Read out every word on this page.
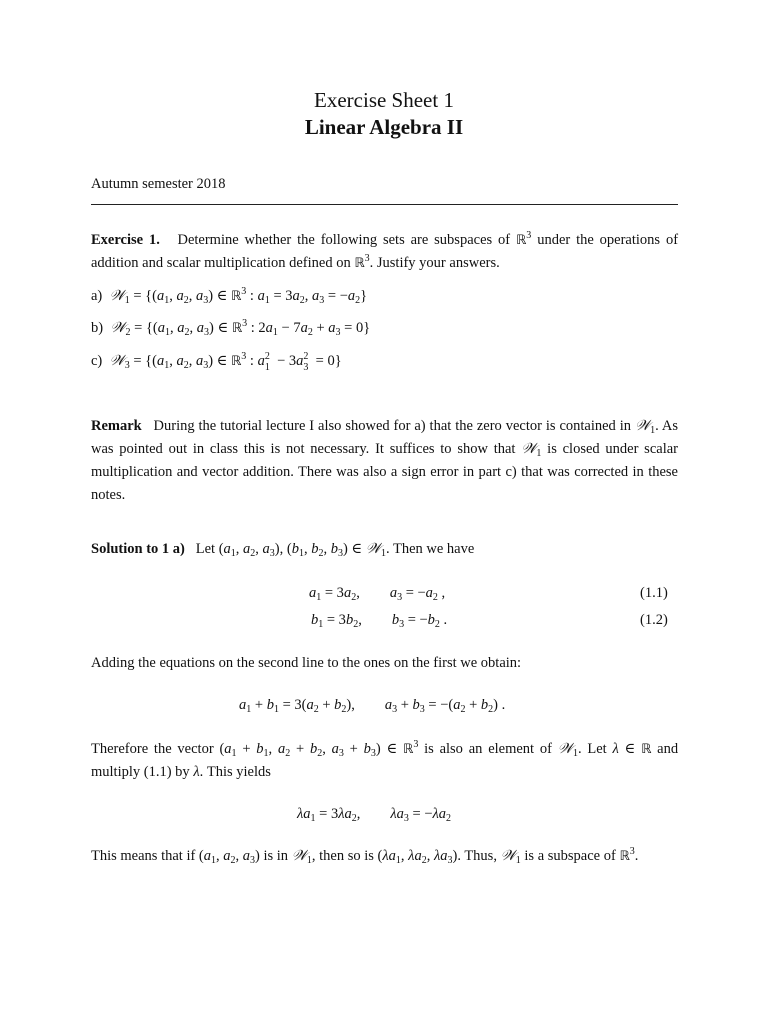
Exercise Sheet 1
Linear Algebra II
Autumn semester 2018
Exercise 1. Determine whether the following sets are subspaces of ℝ$^3$ under the operations of addition and scalar multiplication defined on ℝ$^3$. Justify your answers.
a) 𝒲$_1$ = {($a_1$, $a_2$, $a_3$) ∈ ℝ$^3$ : $a_1 = 3a_2$, $a_3 = -a_2$}
b) 𝒲$_2$ = {($a_1$, $a_2$, $a_3$) ∈ ℝ$^3$ : $2a_1 - 7a_2 + a_3 = 0$}
c) 𝒲$_3$ = {($a_1$, $a_2$, $a_3$) ∈ ℝ$^3$ : a2
1 − 3a2
3 = 0}
Remark During the tutorial lecture I also showed for a) that the zero vector is contained in 𝒲$_1$. As was pointed out in class this is not necessary. It suffices to show that 𝒲$_1$ is closed under scalar multiplication and vector addition. There was also a sign error in part c) that was corrected in these notes.
Solution to 1 a) Let ($a_1$, $a_2$, $a_3$), ($b_1$, $b_2$, $b_3$) ∈ 𝒲$_1$. Then we have
$a_1 = 3a_2$, $a_3 = -a_2$ ,	(1.1)
$b_1 = 3b_2$, $b_3 = -b_2$ .	(1.2)
Adding the equations on the second line to the ones on the first we obtain:
$a_1 + b_1 = 3(a_2 + b_2)$, $a_3 + b_3 = -(a_2 + b_2)$ .
Therefore the vector ($a_1 + b_1$, $a_2 + b_2$, $a_3 + b_3$) ∈ ℝ$^3$ is also an element of 𝒲$_1$. Let λ ∈ ℝ and multiply (1.1) by λ. This yields
$\lambda a_1 = 3\lambda a_2$, $\lambda a_3 = -\lambda a_2$
This means that if ($a_1$, $a_2$, $a_3$) is in 𝒲$_1$, then so is ($\lambda a_1$, $\lambda a_2$, $\lambda a_3$). Thus, 𝒲$_1$ is a subspace of ℝ$^3$.
